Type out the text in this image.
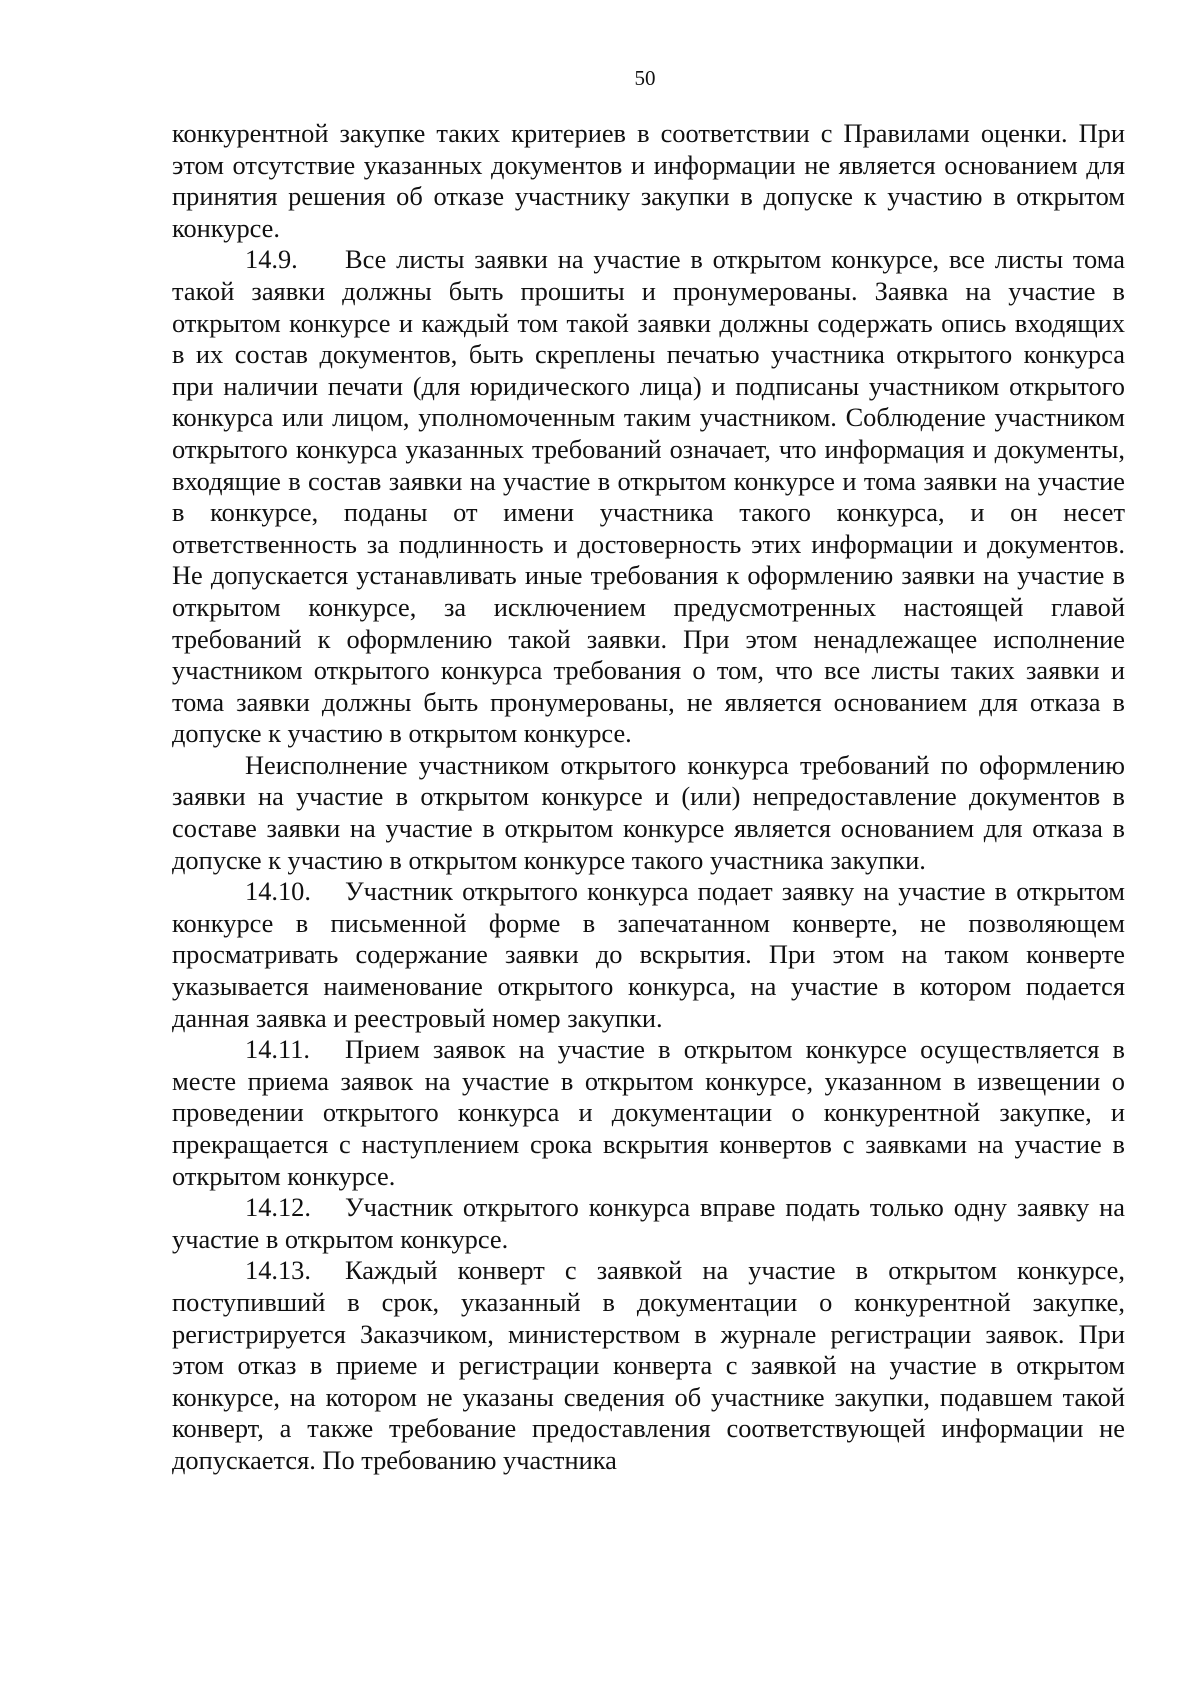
50

конкурентной закупке таких критериев в соответствии с Правилами оценки. При этом отсутствие указанных документов и информации не является основанием для принятия решения об отказе участнику закупки в допуске к участию в открытом конкурсе.

14.9. Все листы заявки на участие в открытом конкурсе, все листы тома такой заявки должны быть прошиты и пронумерованы. Заявка на участие в открытом конкурсе и каждый том такой заявки должны содержать опись входящих в их состав документов, быть скреплены печатью участника открытого конкурса при наличии печати (для юридического лица) и подписаны участником открытого конкурса или лицом, уполномоченным таким участником. Соблюдение участником открытого конкурса указанных требований означает, что информация и документы, входящие в состав заявки на участие в открытом конкурсе и тома заявки на участие в конкурсе, поданы от имени участника такого конкурса, и он несет ответственность за подлинность и достоверность этих информации и документов. Не допускается устанавливать иные требования к оформлению заявки на участие в открытом конкурсе, за исключением предусмотренных настоящей главой требований к оформлению такой заявки. При этом ненадлежащее исполнение участником открытого конкурса требования о том, что все листы таких заявки и тома заявки должны быть пронумерованы, не является основанием для отказа в допуске к участию в открытом конкурсе.

Неисполнение участником открытого конкурса требований по оформлению заявки на участие в открытом конкурсе и (или) непредоставление документов в составе заявки на участие в открытом конкурсе является основанием для отказа в допуске к участию в открытом конкурсе такого участника закупки.

14.10. Участник открытого конкурса подает заявку на участие в открытом конкурсе в письменной форме в запечатанном конверте, не позволяющем просматривать содержание заявки до вскрытия. При этом на таком конверте указывается наименование открытого конкурса, на участие в котором подается данная заявка и реестровый номер закупки.

14.11. Прием заявок на участие в открытом конкурсе осуществляется в месте приема заявок на участие в открытом конкурсе, указанном в извещении о проведении открытого конкурса и документации о конкурентной закупке, и прекращается с наступлением срока вскрытия конвертов с заявками на участие в открытом конкурсе.

14.12. Участник открытого конкурса вправе подать только одну заявку на участие в открытом конкурсе.

14.13. Каждый конверт с заявкой на участие в открытом конкурсе, поступивший в срок, указанный в документации о конкурентной закупке, регистрируется Заказчиком, министерством в журнале регистрации заявок. При этом отказ в приеме и регистрации конверта с заявкой на участие в открытом конкурсе, на котором не указаны сведения об участнике закупки, подавшем такой конверт, а также требование предоставления соответствующей информации не допускается. По требованию участника
